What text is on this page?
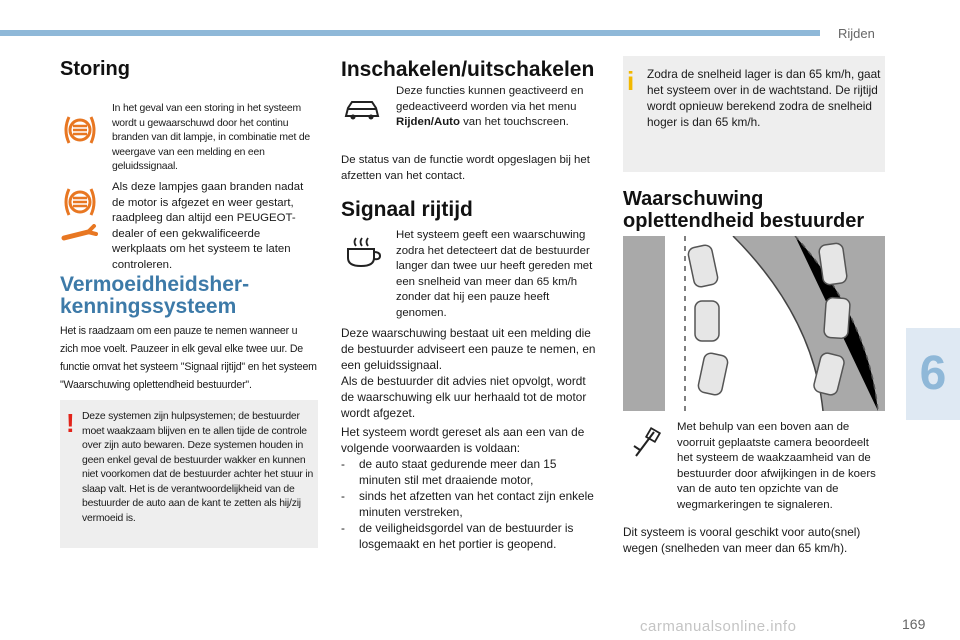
Rijden
6
Storing
In het geval van een storing in het systeem wordt u gewaarschuwd door het continu branden van dit lampje, in combinatie met de weergave van een melding en een geluidssignaal.
Als deze lampjes gaan branden nadat de motor is afgezet en weer gestart, raadpleeg dan altijd een PEUGEOT-dealer of een gekwalificeerde werkplaats om het systeem te laten controleren.
Vermoeidheidsher-
kenningssysteem
Het is raadzaam om een pauze te nemen wanneer u zich moe voelt. Pauzeer in elk geval elke twee uur. De functie omvat het systeem "Signaal rijtijd" en het systeem "Waarschuwing oplettendheid bestuurder".
! Deze systemen zijn hulpsystemen; de bestuurder moet waakzaam blijven en te allen tijde de controle over zijn auto bewaren. Deze systemen houden in geen enkel geval de bestuurder wakker en kunnen niet voorkomen dat de bestuurder achter het stuur in slaap valt. Het is de verantwoordelijkheid van de bestuurder de auto aan de kant te zetten als hij/zij vermoeid is.
Inschakelen/uitschakelen
Deze functies kunnen geactiveerd en gedeactiveerd worden via het menu Rijden/Auto van het touchscreen.
De status van de functie wordt opgeslagen bij het afzetten van het contact.
Signaal rijtijd
Het systeem geeft een waarschuwing zodra het detecteert dat de bestuurder langer dan twee uur heeft gereden met een snelheid van meer dan 65 km/h zonder dat hij een pauze heeft genomen.
Deze waarschuwing bestaat uit een melding die de bestuurder adviseert een pauze te nemen, en een geluidssignaal.
Als de bestuurder dit advies niet opvolgt, wordt de waarschuwing elk uur herhaald tot de motor wordt afgezet.
Het systeem wordt gereset als aan een van de volgende voorwaarden is voldaan:
- de auto staat gedurende meer dan 15 minuten stil met draaiende motor,
- sinds het afzetten van het contact zijn enkele minuten verstreken,
- de veiligheidsgordel van de bestuurder is losgemaakt en het portier is geopend.
i Zodra de snelheid lager is dan 65 km/h, gaat het systeem over in de wachtstand. De rijtijd wordt opnieuw berekend zodra de snelheid hoger is dan 65 km/h.
Waarschuwing
oplettendheid bestuurder
Met behulp van een boven aan de voorruit geplaatste camera beoordeelt het systeem de waakzaamheid van de bestuurder door afwijkingen in de koers van de auto ten opzichte van de wegmarkeringen te signaleren.
Dit systeem is vooral geschikt voor auto(snel) wegen (snelheden van meer dan 65 km/h).
carmanualsonline.info	169
